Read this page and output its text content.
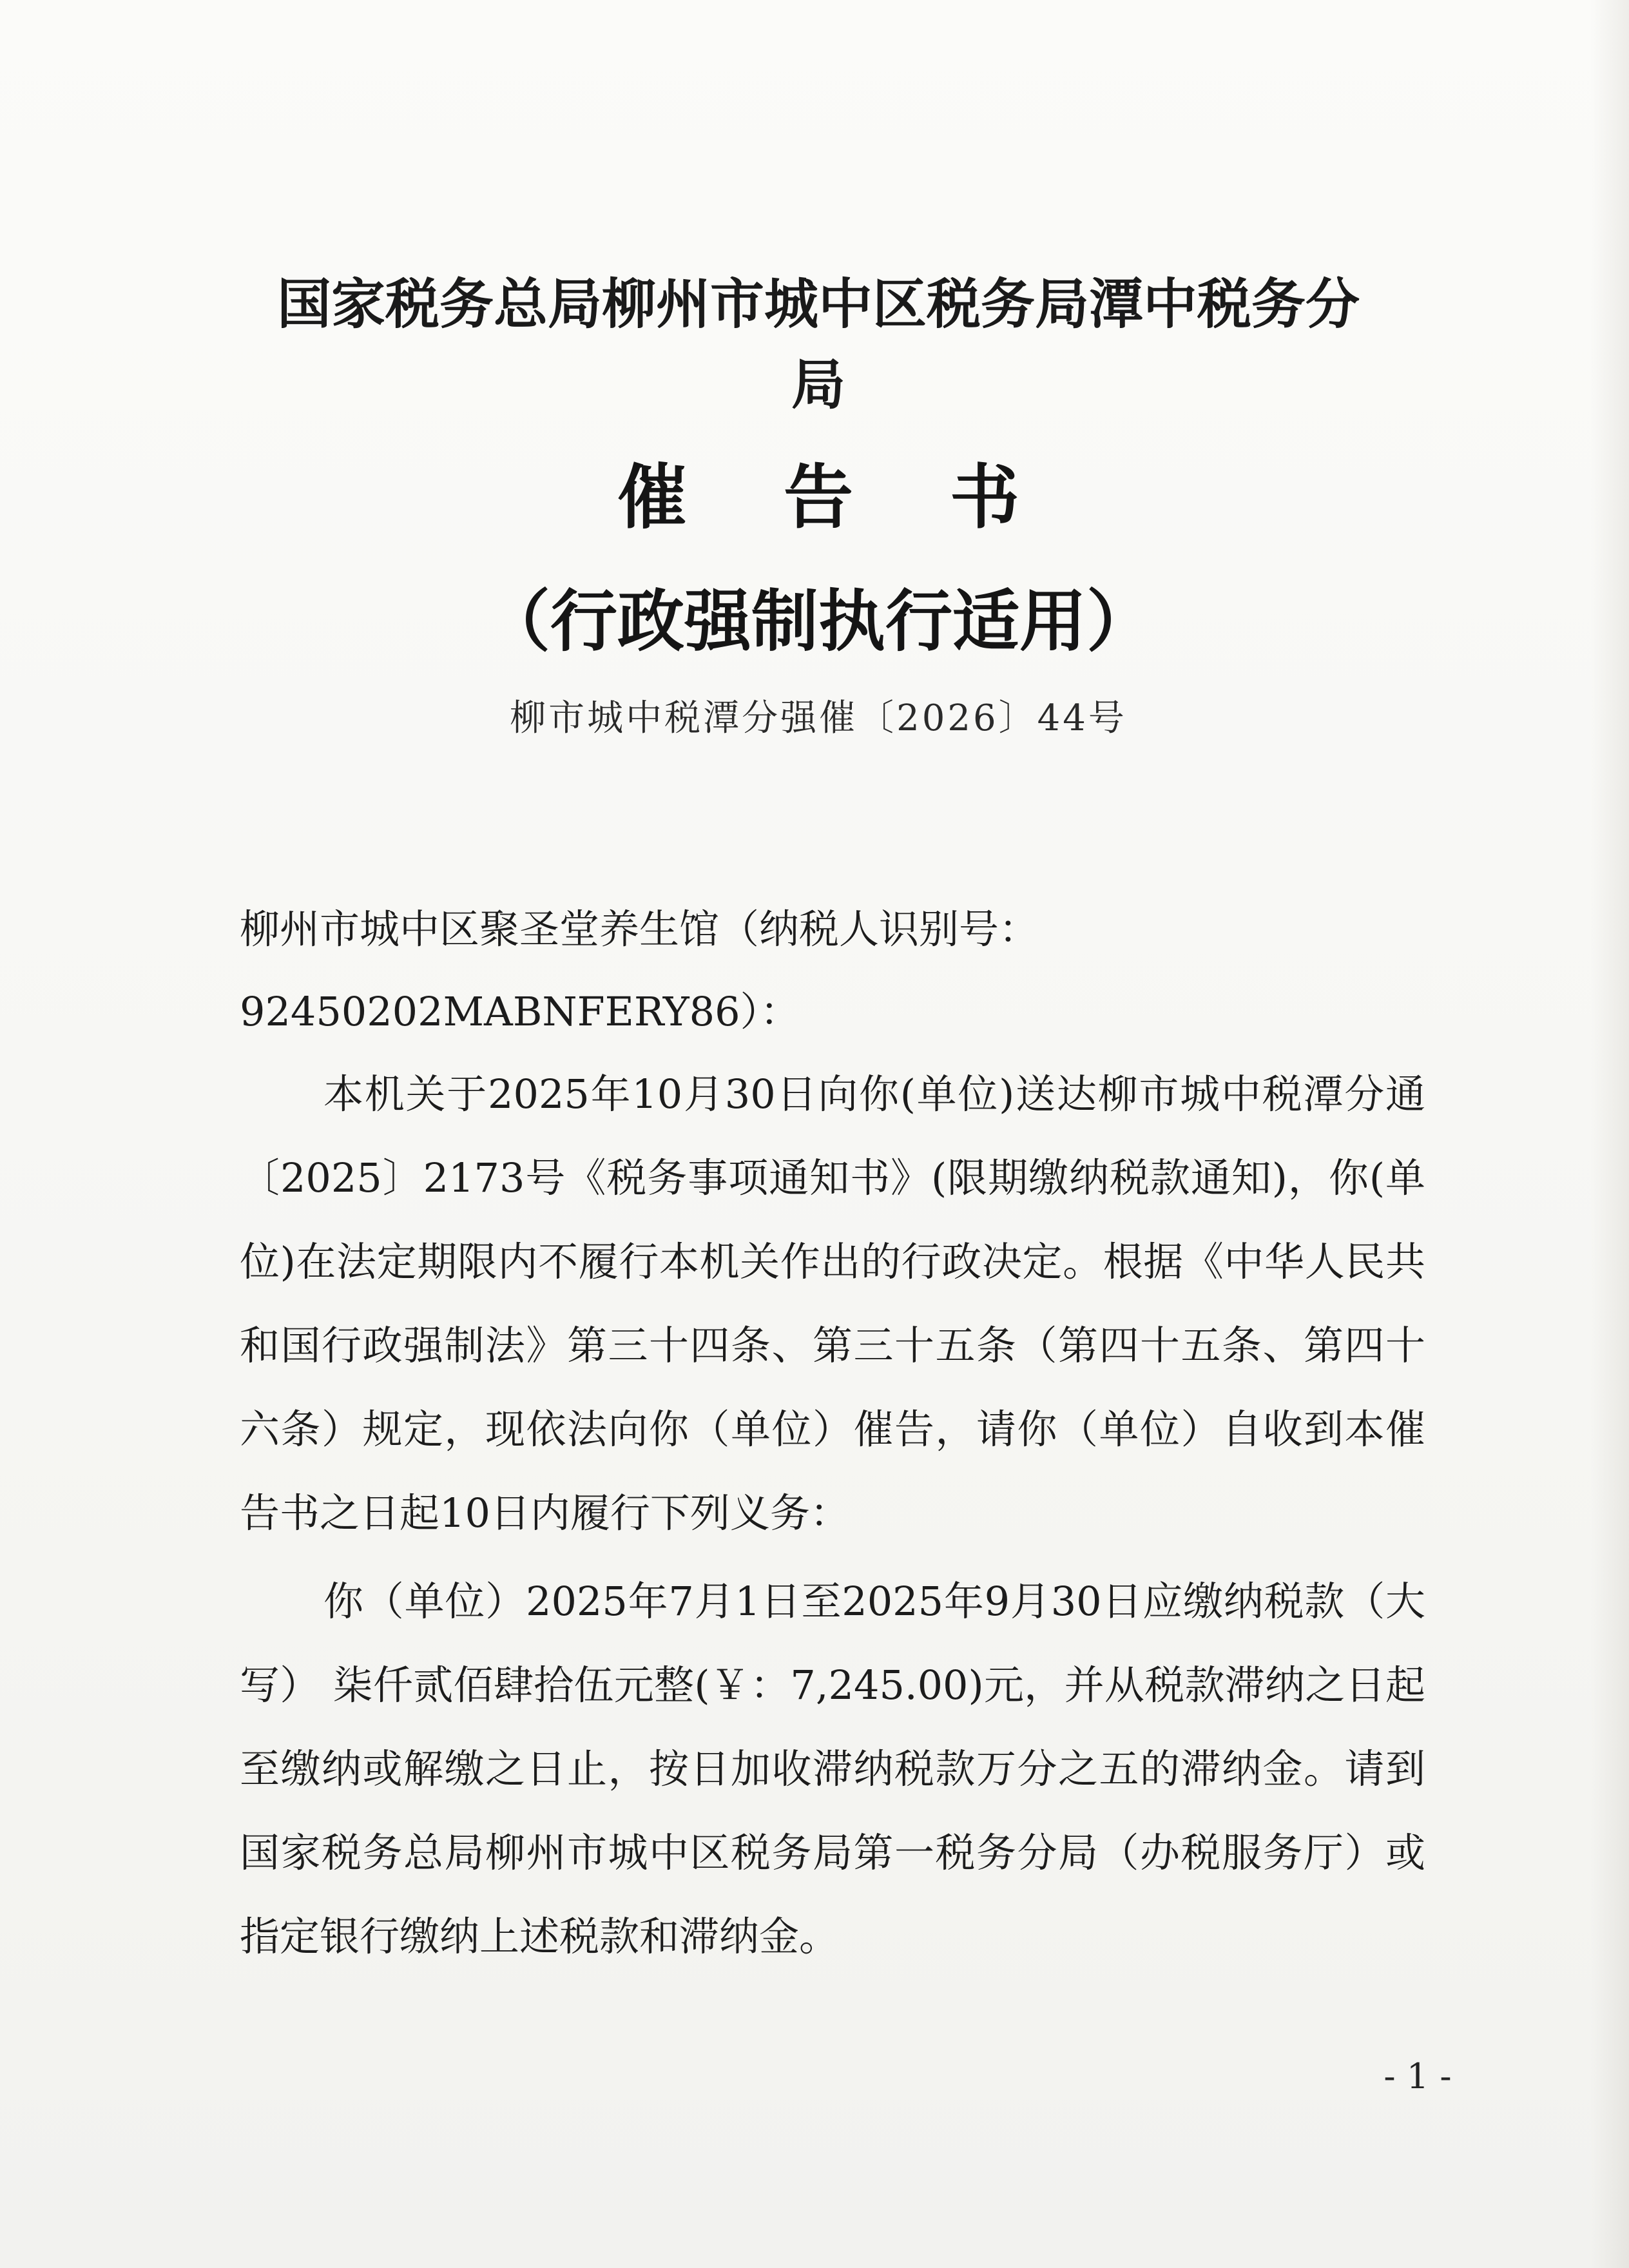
国家税务总局柳州市城中区税务局潭中税务分
局
催告书
（行政强制执行适用）
柳市城中税潭分强催〔2026〕44号
柳州市城中区聚圣堂养生馆（纳税人识别号：
92450202MABNFERY86）：
本机关于2025年10月30日向你(单位)送达柳市城中税潭分通〔2025〕2173号《税务事项通知书》(限期缴纳税款通知)，你(单位)在法定期限内不履行本机关作出的行政决定。根据《中华人民共和国行政强制法》第三十四条、第三十五条（第四十五条、第四十六条）规定，现依法向你（单位）催告，请你（单位）自收到本催告书之日起10日内履行下列义务：
你（单位）2025年7月1日至2025年9月30日应缴纳税款（大写） 柒仟贰佰肆拾伍元整(￥：7,245.00)元，并从税款滞纳之日起至缴纳或解缴之日止，按日加收滞纳税款万分之五的滞纳金。请到国家税务总局柳州市城中区税务局第一税务分局（办税服务厅）或指定银行缴纳上述税款和滞纳金。
- 1 -
